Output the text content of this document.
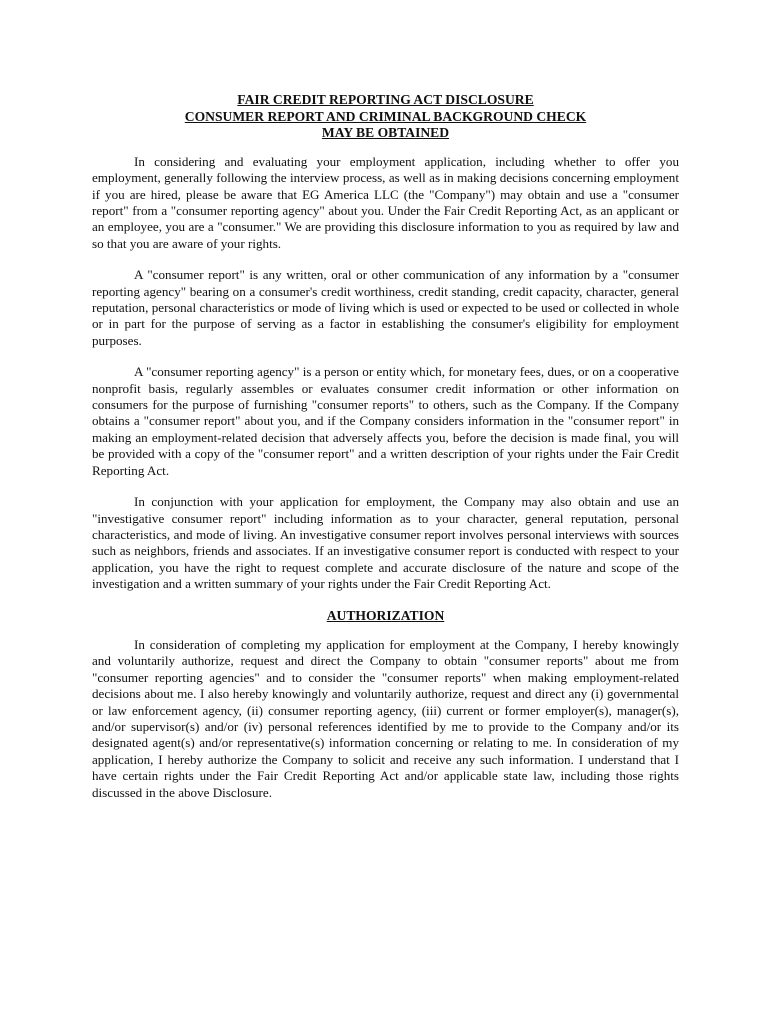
FAIR CREDIT REPORTING ACT DISCLOSURE
CONSUMER REPORT AND CRIMINAL BACKGROUND CHECK
MAY BE OBTAINED

In considering and evaluating your employment application, including whether to offer you employment, generally following the interview process, as well as in making decisions concerning employment if you are hired, please be aware that EG America LLC (the "Company") may obtain and use a "consumer report" from a "consumer reporting agency" about you. Under the Fair Credit Reporting Act, as an applicant or an employee, you are a "consumer." We are providing this disclosure information to you as required by law and so that you are aware of your rights.

A "consumer report" is any written, oral or other communication of any information by a "consumer reporting agency" bearing on a consumer's credit worthiness, credit standing, credit capacity, character, general reputation, personal characteristics or mode of living which is used or expected to be used or collected in whole or in part for the purpose of serving as a factor in establishing the consumer's eligibility for employment purposes.

A "consumer reporting agency" is a person or entity which, for monetary fees, dues, or on a cooperative nonprofit basis, regularly assembles or evaluates consumer credit information or other information on consumers for the purpose of furnishing "consumer reports" to others, such as the Company. If the Company obtains a "consumer report" about you, and if the Company considers information in the "consumer report" in making an employment-related decision that adversely affects you, before the decision is made final, you will be provided with a copy of the "consumer report" and a written description of your rights under the Fair Credit Reporting Act.

In conjunction with your application for employment, the Company may also obtain and use an "investigative consumer report" including information as to your character, general reputation, personal characteristics, and mode of living. An investigative consumer report involves personal interviews with sources such as neighbors, friends and associates. If an investigative consumer report is conducted with respect to your application, you have the right to request complete and accurate disclosure of the nature and scope of the investigation and a written summary of your rights under the Fair Credit Reporting Act.

AUTHORIZATION

In consideration of completing my application for employment at the Company, I hereby knowingly and voluntarily authorize, request and direct the Company to obtain "consumer reports" about me from "consumer reporting agencies" and to consider the "consumer reports" when making employment-related decisions about me. I also hereby knowingly and voluntarily authorize, request and direct any (i) governmental or law enforcement agency, (ii) consumer reporting agency, (iii) current or former employer(s), manager(s), and/or supervisor(s) and/or (iv) personal references identified by me to provide to the Company and/or its designated agent(s) and/or representative(s) information concerning or relating to me. In consideration of my application, I hereby authorize the Company to solicit and receive any such information. I understand that I have certain rights under the Fair Credit Reporting Act and/or applicable state law, including those rights discussed in the above Disclosure.
